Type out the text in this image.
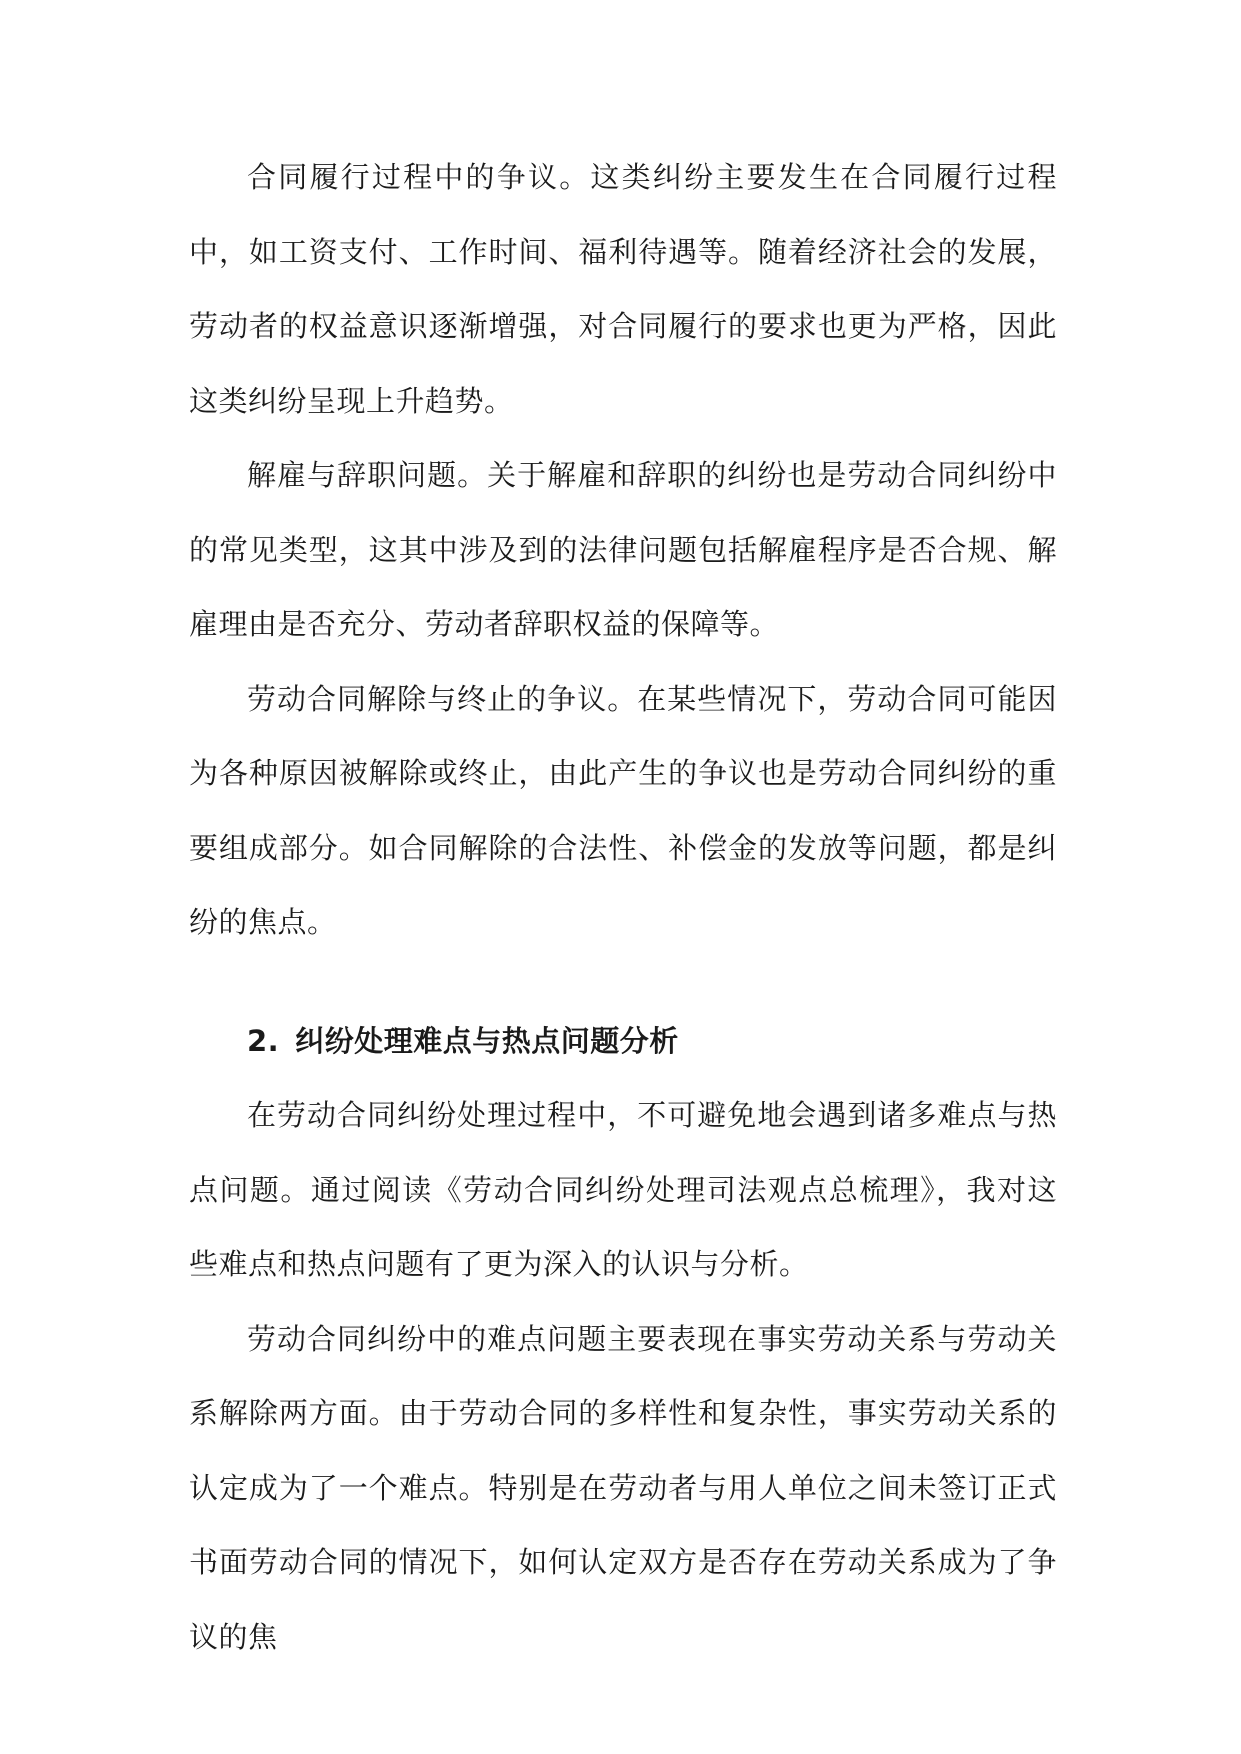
合同履行过程中的争议。这类纠纷主要发生在合同履行过程中，如工资支付、工作时间、福利待遇等。随着经济社会的发展，劳动者的权益意识逐渐增强，对合同履行的要求也更为严格，因此这类纠纷呈现上升趋势。

解雇与辞职问题。关于解雇和辞职的纠纷也是劳动合同纠纷中的常见类型，这其中涉及到的法律问题包括解雇程序是否合规、解雇理由是否充分、劳动者辞职权益的保障等。

劳动合同解除与终止的争议。在某些情况下，劳动合同可能因为各种原因被解除或终止，由此产生的争议也是劳动合同纠纷的重要组成部分。如合同解除的合法性、补偿金的发放等问题，都是纠纷的焦点。

2. 纠纷处理难点与热点问题分析

在劳动合同纠纷处理过程中，不可避免地会遇到诸多难点与热点问题。通过阅读《劳动合同纠纷处理司法观点总梳理》，我对这些难点和热点问题有了更为深入的认识与分析。

劳动合同纠纷中的难点问题主要表现在事实劳动关系与劳动关系解除两方面。由于劳动合同的多样性和复杂性，事实劳动关系的认定成为了一个难点。特别是在劳动者与用人单位之间未签订正式书面劳动合同的情况下，如何认定双方是否存在劳动关系成为了争议的焦
